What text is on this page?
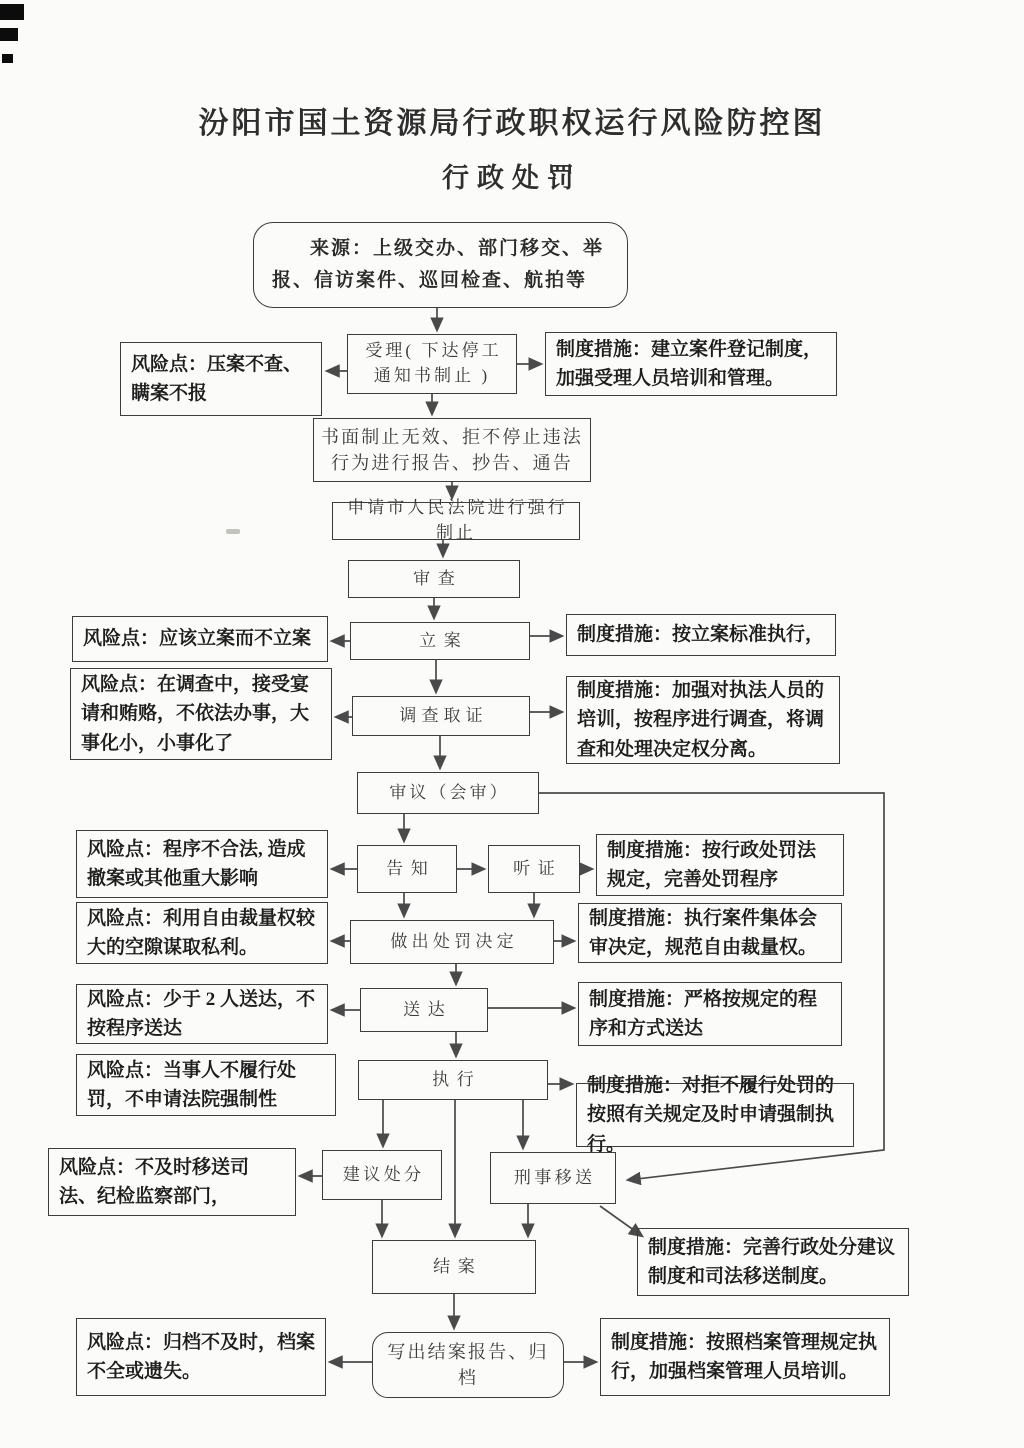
汾阳市国土资源局行政职权运行风险防控图
行政处罚
来源：上级交办、部门移交、举报、信访案件、巡回检查、航拍等
受理( 下达停工通知书制止 )
风险点：压案不查、瞒案不报
制度措施：建立案件登记制度，加强受理人员培训和管理。
书面制止无效、拒不停止违法行为进行报告、抄告、通告
申请市人民法院进行强行制止
审查
立案
风险点：应该立案而不立案	制度措施：按立案标准执行，
调查取证
风险点：在调查中，接受宴请和贿赂，不依法办事，大事化小，小事化了
制度措施：加强对执法人员的培训，按程序进行调查，将调查和处理决定权分离。
审议（会审）
告知	听证
风险点：程序不合法, 造成撤案或其他重大影响
制度措施：按行政处罚法规定，完善处罚程序
做出处罚决定
风险点：利用自由裁量权较大的空隙谋取私利。
制度措施：执行案件集体会审决定，规范自由裁量权。
送达
风险点：少于 2 人送达，不按程序送达
制度措施：严格按规定的程序和方式送达
执行
风险点：当事人不履行处罚，不申请法院强制性
制度措施：对拒不履行处罚的按照有关规定及时申请强制执行。
建议处分
风险点：不及时移送司法、纪检监察部门，
刑事移送
制度措施：完善行政处分建议制度和司法移送制度。
结案
写出结案报告、归档
风险点：归档不及时，档案不全或遗失。
制度措施：按照档案管理规定执行，加强档案管理人员培训。
